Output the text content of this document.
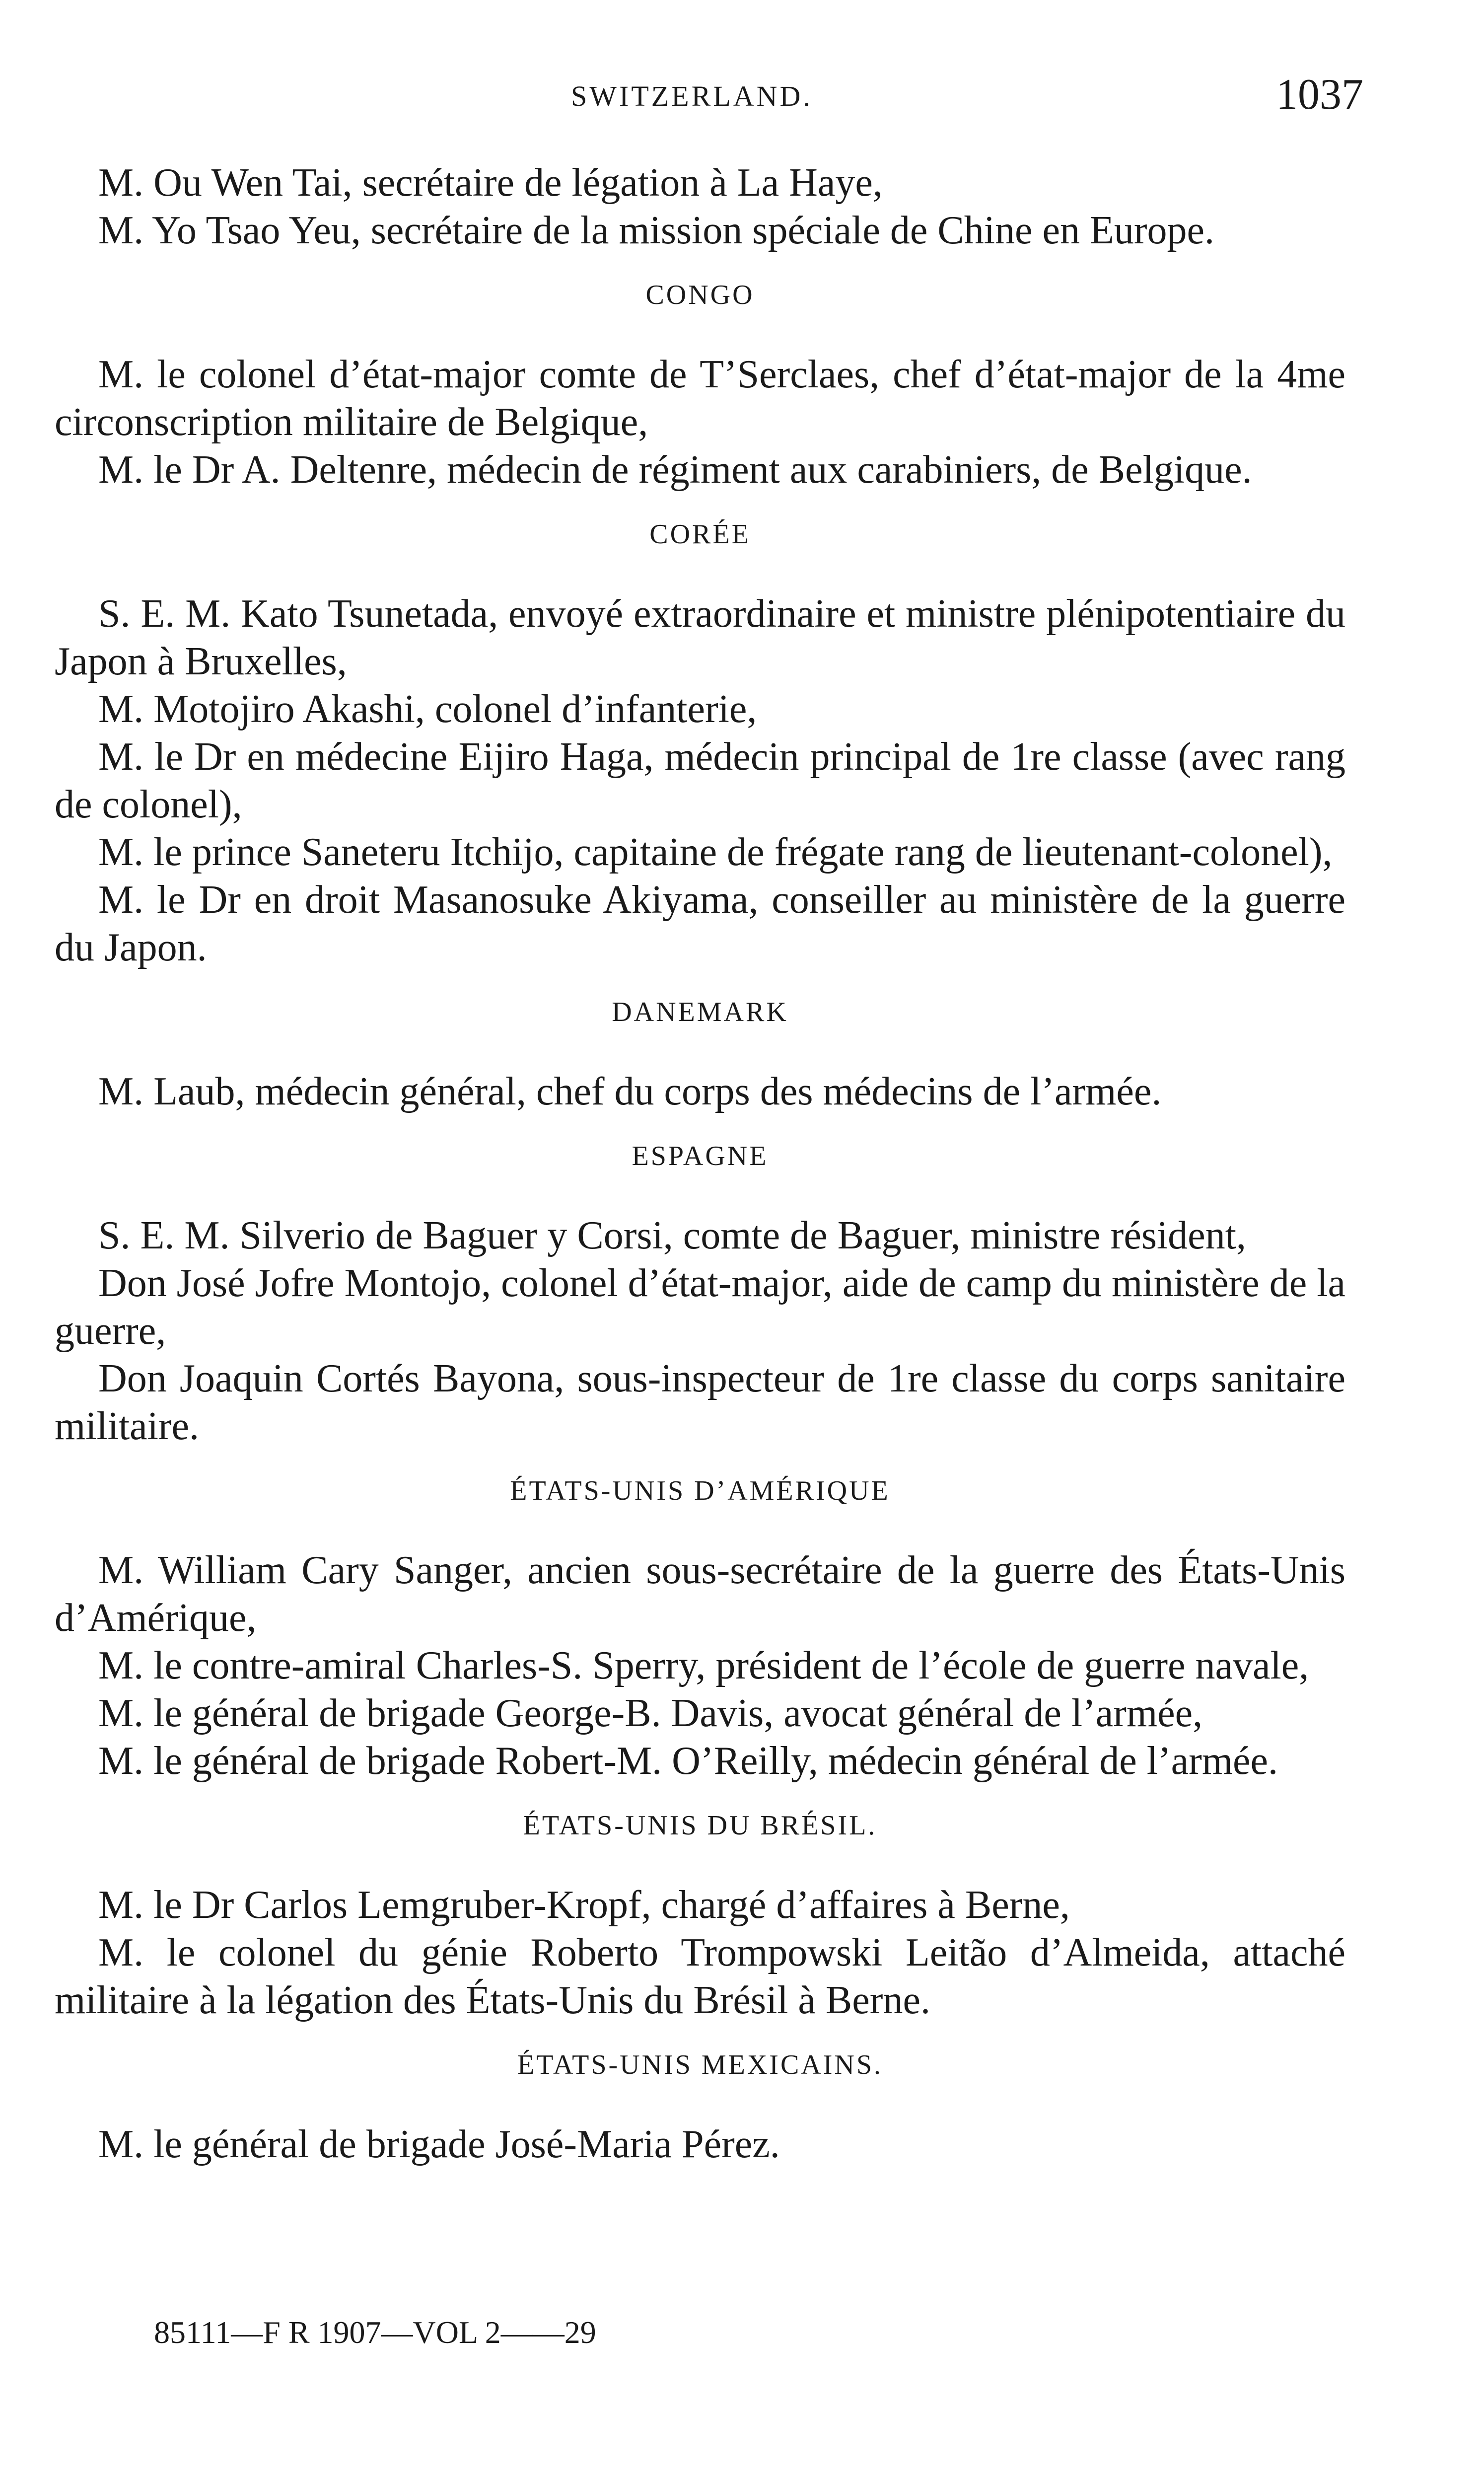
SWITZERLAND.	1037

M. Ou Wen Tai, secrétaire de légation à La Haye,

M. Yo Tsao Yeu, secrétaire de la mission spéciale de Chine en Europe.

CONGO

M. le colonel d’état-major comte de T’Serclaes, chef d’état-major de la 4me circonscription militaire de Belgique,

M. le Dr A. Deltenre, médecin de régiment aux carabiniers, de Belgique.

CORÉE

S. E. M. Kato Tsunetada, envoyé extraordinaire et ministre plénipotentiaire du Japon à Bruxelles,

M. Motojiro Akashi, colonel d’infanterie,

M. le Dr en médecine Eijiro Haga, médecin principal de 1re classe (avec rang de colonel),

M. le prince Saneteru Itchijo, capitaine de frégate rang de lieutenant-colonel),

M. le Dr en droit Masanosuke Akiyama, conseiller au ministère de la guerre du Japon.

DANEMARK

M. Laub, médecin général, chef du corps des médecins de l’armée.

ESPAGNE

S. E. M. Silverio de Baguer y Corsi, comte de Baguer, ministre résident,

Don José Jofre Montojo, colonel d’état-major, aide de camp du ministère de la guerre,

Don Joaquin Cortés Bayona, sous-inspecteur de 1re classe du corps sanitaire militaire.

ÉTATS-UNIS D’AMÉRIQUE

M. William Cary Sanger, ancien sous-secrétaire de la guerre des États-Unis d’Amérique,

M. le contre-amiral Charles-S. Sperry, président de l’école de guerre navale,

M. le général de brigade George-B. Davis, avocat général de l’armée,

M. le général de brigade Robert-M. O’Reilly, médecin général de l’armée.

ÉTATS-UNIS DU BRÉSIL.

M. le Dr Carlos Lemgruber-Kropf, chargé d’affaires à Berne,

M. le colonel du génie Roberto Trompowski Leitão d’Almeida, attaché militaire à la légation des États-Unis du Brésil à Berne.

ÉTATS-UNIS MEXICAINS.

M. le général de brigade José-Maria Pérez.

85111—F R 1907—VOL 2——29
